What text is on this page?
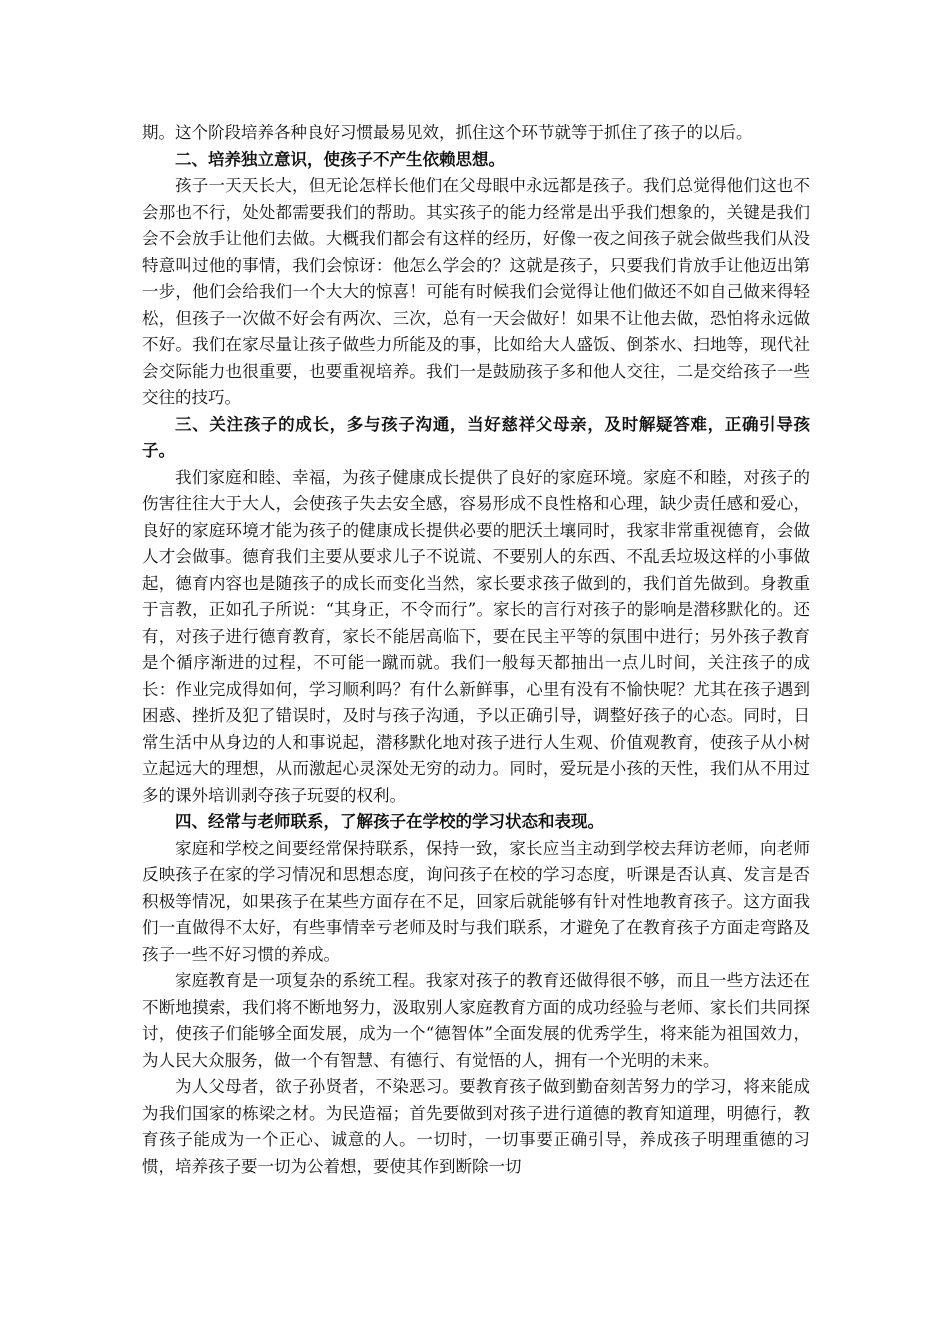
期。这个阶段培养各种良好习惯最易见效，抓住这个环节就等于抓住了孩子的以后。

二、培养独立意识，使孩子不产生依赖思想。

孩子一天天长大，但无论怎样长他们在父母眼中永远都是孩子。我们总觉得他们这也不会那也不行，处处都需要我们的帮助。其实孩子的能力经常是出乎我们想象的，关键是我们会不会放手让他们去做。大概我们都会有这样的经历，好像一夜之间孩子就会做些我们从没特意叫过他的事情，我们会惊讶：他怎么学会的？这就是孩子，只要我们肯放手让他迈出第一步，他们会给我们一个大大的惊喜！可能有时候我们会觉得让他们做还不如自己做来得轻松，但孩子一次做不好会有两次、三次，总有一天会做好！如果不让他去做，恐怕将永远做不好。我们在家尽量让孩子做些力所能及的事，比如给大人盛饭、倒茶水、扫地等，现代社会交际能力也很重要，也要重视培养。我们一是鼓励孩子多和他人交往，二是交给孩子一些交往的技巧。

三、关注孩子的成长，多与孩子沟通，当好慈祥父母亲，及时解疑答难，正确引导孩子。

我们家庭和睦、幸福，为孩子健康成长提供了良好的家庭环境。家庭不和睦，对孩子的伤害往往大于大人，会使孩子失去安全感，容易形成不良性格和心理，缺少责任感和爱心，良好的家庭环境才能为孩子的健康成长提供必要的肥沃土壤同时，我家非常重视德育，会做人才会做事。德育我们主要从要求儿子不说谎、不要别人的东西、不乱丢垃圾这样的小事做起，德育内容也是随孩子的成长而变化当然，家长要求孩子做到的，我们首先做到。身教重于言教，正如孔子所说：“其身正，不令而行”。家长的言行对孩子的影响是潜移默化的。还有，对孩子进行德育教育，家长不能居高临下，要在民主平等的氛围中进行；另外孩子教育是个循序渐进的过程，不可能一蹴而就。我们一般每天都抽出一点儿时间，关注孩子的成长：作业完成得如何，学习顺利吗？有什么新鲜事，心里有没有不愉快呢？尤其在孩子遇到困惑、挫折及犯了错误时，及时与孩子沟通，予以正确引导，调整好孩子的心态。同时，日常生活中从身边的人和事说起，潜移默化地对孩子进行人生观、价值观教育，使孩子从小树立起远大的理想，从而激起心灵深处无穷的动力。同时，爱玩是小孩的天性，我们从不用过多的课外培训剥夺孩子玩耍的权利。

四、经常与老师联系，了解孩子在学校的学习状态和表现。

家庭和学校之间要经常保持联系，保持一致，家长应当主动到学校去拜访老师，向老师反映孩子在家的学习情况和思想态度，询问孩子在校的学习态度，听课是否认真、发言是否积极等情况，如果孩子在某些方面存在不足，回家后就能够有针对性地教育孩子。这方面我们一直做得不太好，有些事情幸亏老师及时与我们联系，才避免了在教育孩子方面走弯路及孩子一些不好习惯的养成。

家庭教育是一项复杂的系统工程。我家对孩子的教育还做得很不够，而且一些方法还在不断地摸索，我们将不断地努力，汲取别人家庭教育方面的成功经验与老师、家长们共同探讨，使孩子们能够全面发展，成为一个“德智体”全面发展的优秀学生，将来能为祖国效力，为人民大众服务，做一个有智慧、有德行、有觉悟的人，拥有一个光明的未来。

为人父母者，欲子孙贤者，不染恶习。要教育孩子做到勤奋刻苦努力的学习，将来能成为我们国家的栋梁之材。为民造福；首先要做到对孩子进行道德的教育知道理，明德行，教育孩子能成为一个正心、诚意的人。一切时，一切事要正确引导，养成孩子明理重德的习惯，培养孩子要一切为公着想，要使其作到断除一切
